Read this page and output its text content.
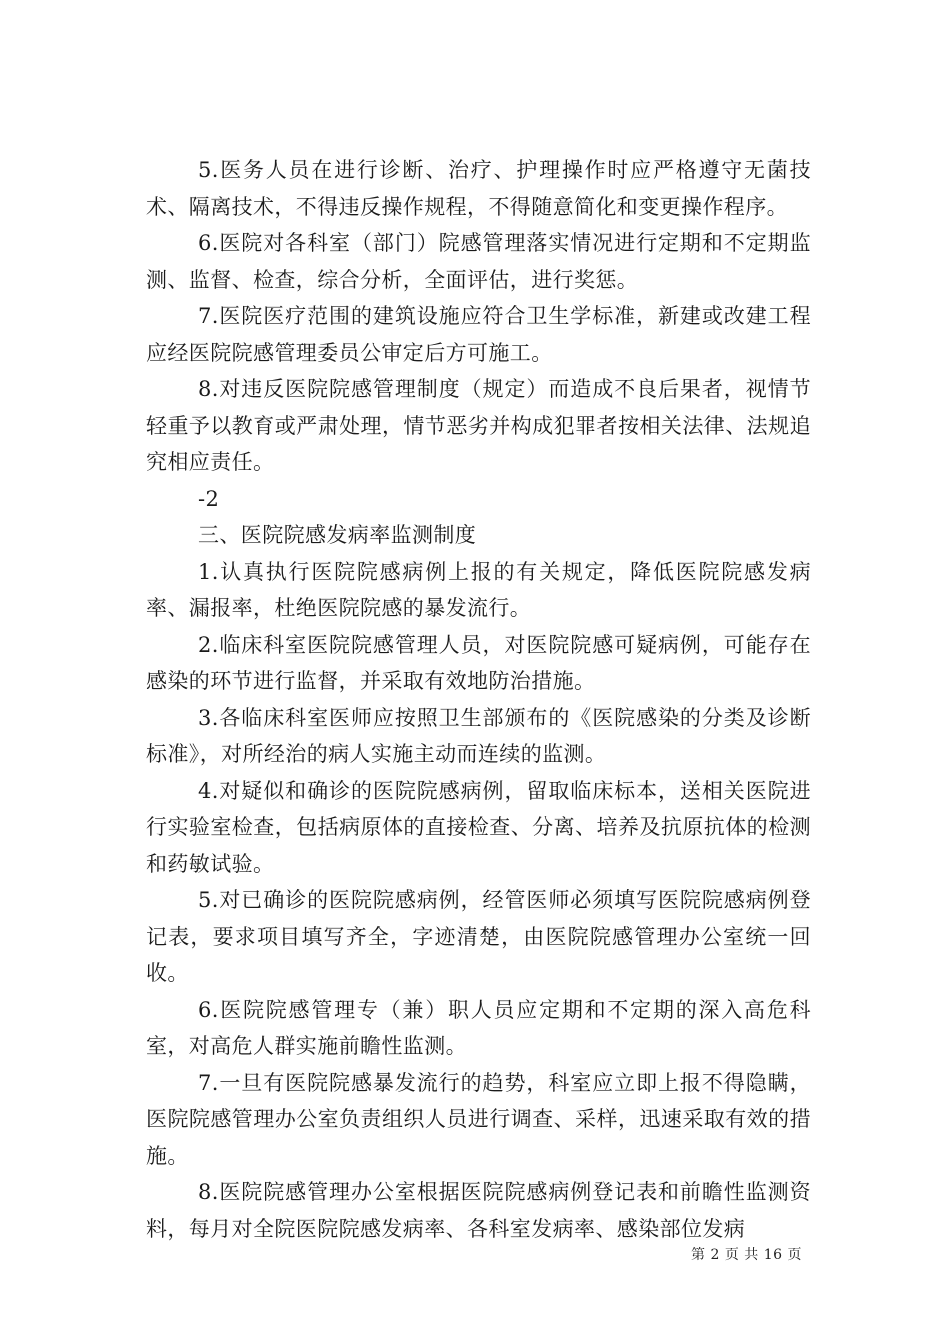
5.医务人员在进行诊断、治疗、护理操作时应严格遵守无菌技术、隔离技术，不得违反操作规程，不得随意简化和变更操作程序。

6.医院对各科室（部门）院感管理落实情况进行定期和不定期监测、监督、检查，综合分析，全面评估，进行奖惩。

7.医院医疗范围的建筑设施应符合卫生学标准，新建或改建工程应经医院院感管理委员公审定后方可施工。

8.对违反医院院感管理制度（规定）而造成不良后果者，视情节轻重予以教育或严肃处理，情节恶劣并构成犯罪者按相关法律、法规追究相应责任。

-2

三、医院院感发病率监测制度

1.认真执行医院院感病例上报的有关规定，降低医院院感发病率、漏报率，杜绝医院院感的暴发流行。

2.临床科室医院院感管理人员，对医院院感可疑病例，可能存在感染的环节进行监督，并采取有效地防治措施。

3.各临床科室医师应按照卫生部颁布的《医院感染的分类及诊断标准》，对所经治的病人实施主动而连续的监测。

4.对疑似和确诊的医院院感病例，留取临床标本，送相关医院进行实验室检查，包括病原体的直接检查、分离、培养及抗原抗体的检测和药敏试验。

5.对已确诊的医院院感病例，经管医师必须填写医院院感病例登记表，要求项目填写齐全，字迹清楚，由医院院感管理办公室统一回收。

6.医院院感管理专（兼）职人员应定期和不定期的深入高危科室，对高危人群实施前瞻性监测。

7.一旦有医院院感暴发流行的趋势，科室应立即上报不得隐瞒，医院院感管理办公室负责组织人员进行调查、采样，迅速采取有效的措施。

8.医院院感管理办公室根据医院院感病例登记表和前瞻性监测资料，每月对全院医院院感发病率、各科室发病率、感染部位发病

第 2 页 共 16 页
